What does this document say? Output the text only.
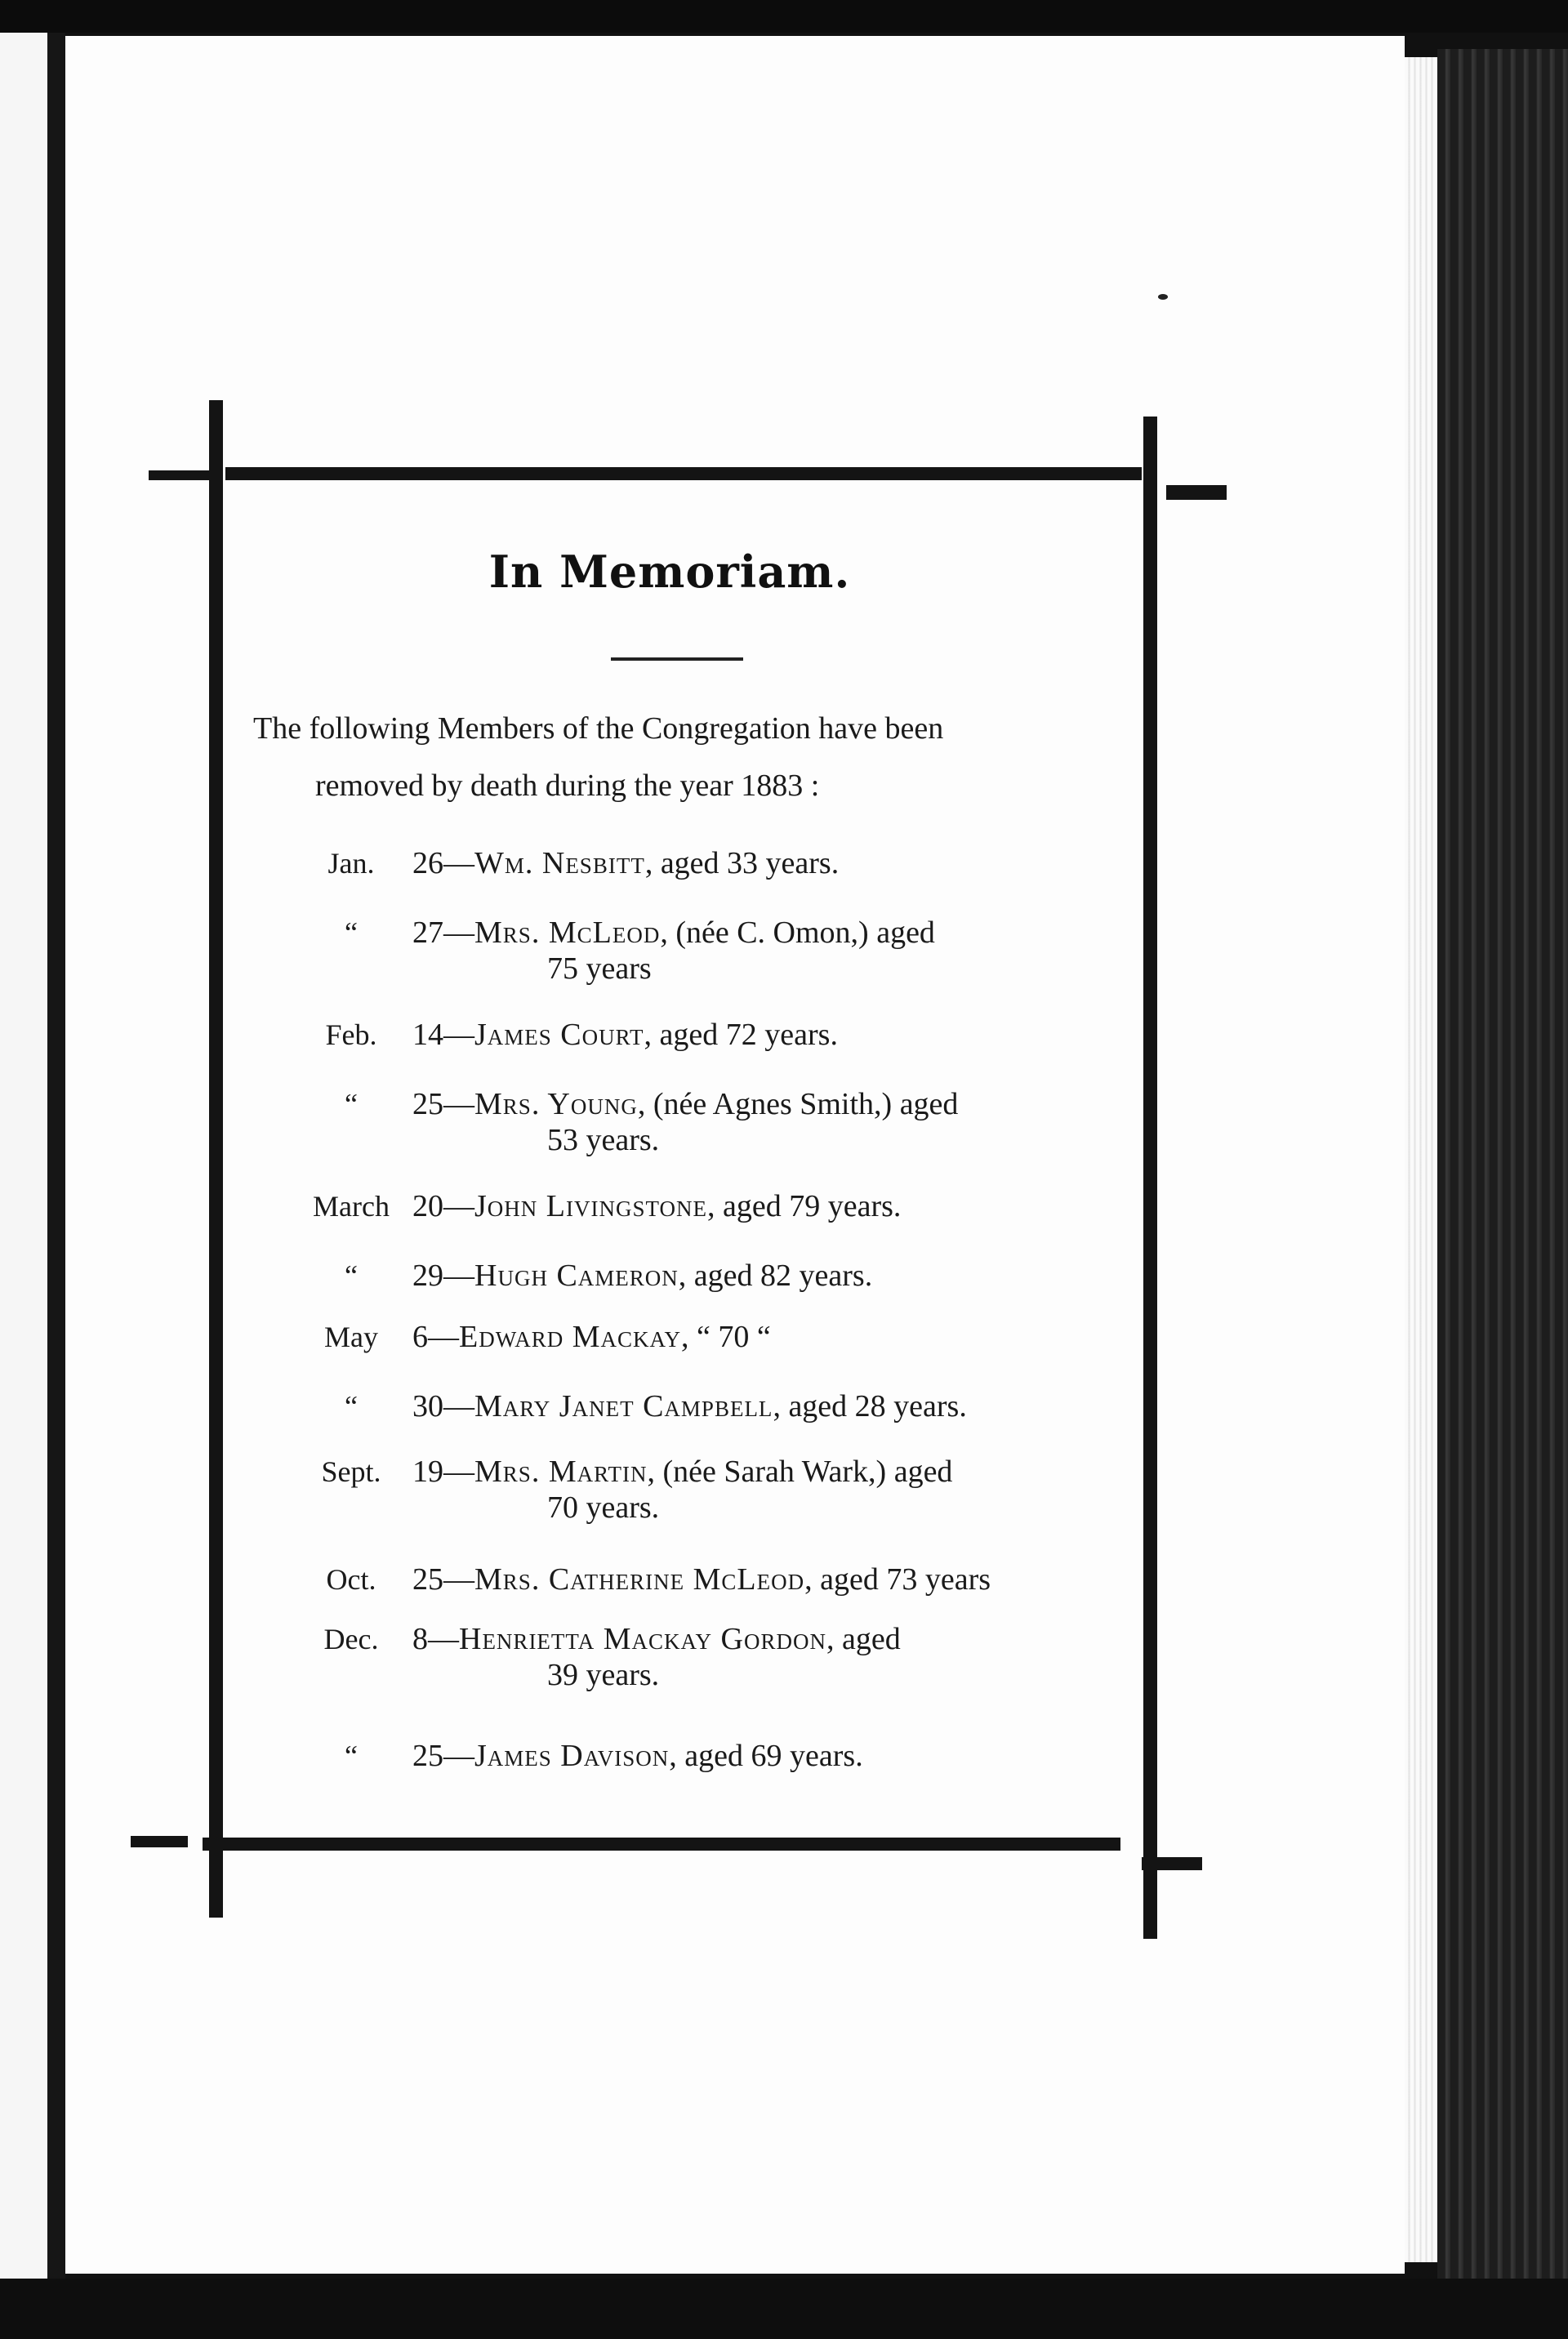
In Memoriam.
The following Members of the Congregation have been
removed by death during the year 1883 :
Jan.	26—Wm. Nesbitt, aged 33 years.
“	27—Mrs. McLeod, (née C. Omon,) aged
75 years
Feb.	14—James Court, aged 72 years.
“	25—Mrs. Young, (née Agnes Smith,) aged
53 years.
March 20—John Livingstone, aged 79 years.
“	29—Hugh Cameron, aged 82 years.
May	6—Edward Mackay, “ 70 “
“	30—Mary Janet Campbell, aged 28 years.
Sept.	19—Mrs. Martin, (née Sarah Wark,) aged
70 years.
Oct.	25—Mrs. Catherine McLeod, aged 73 years
Dec.	8—Henrietta Mackay Gordon, aged
39 years.
“	25—James Davison, aged 69 years.
